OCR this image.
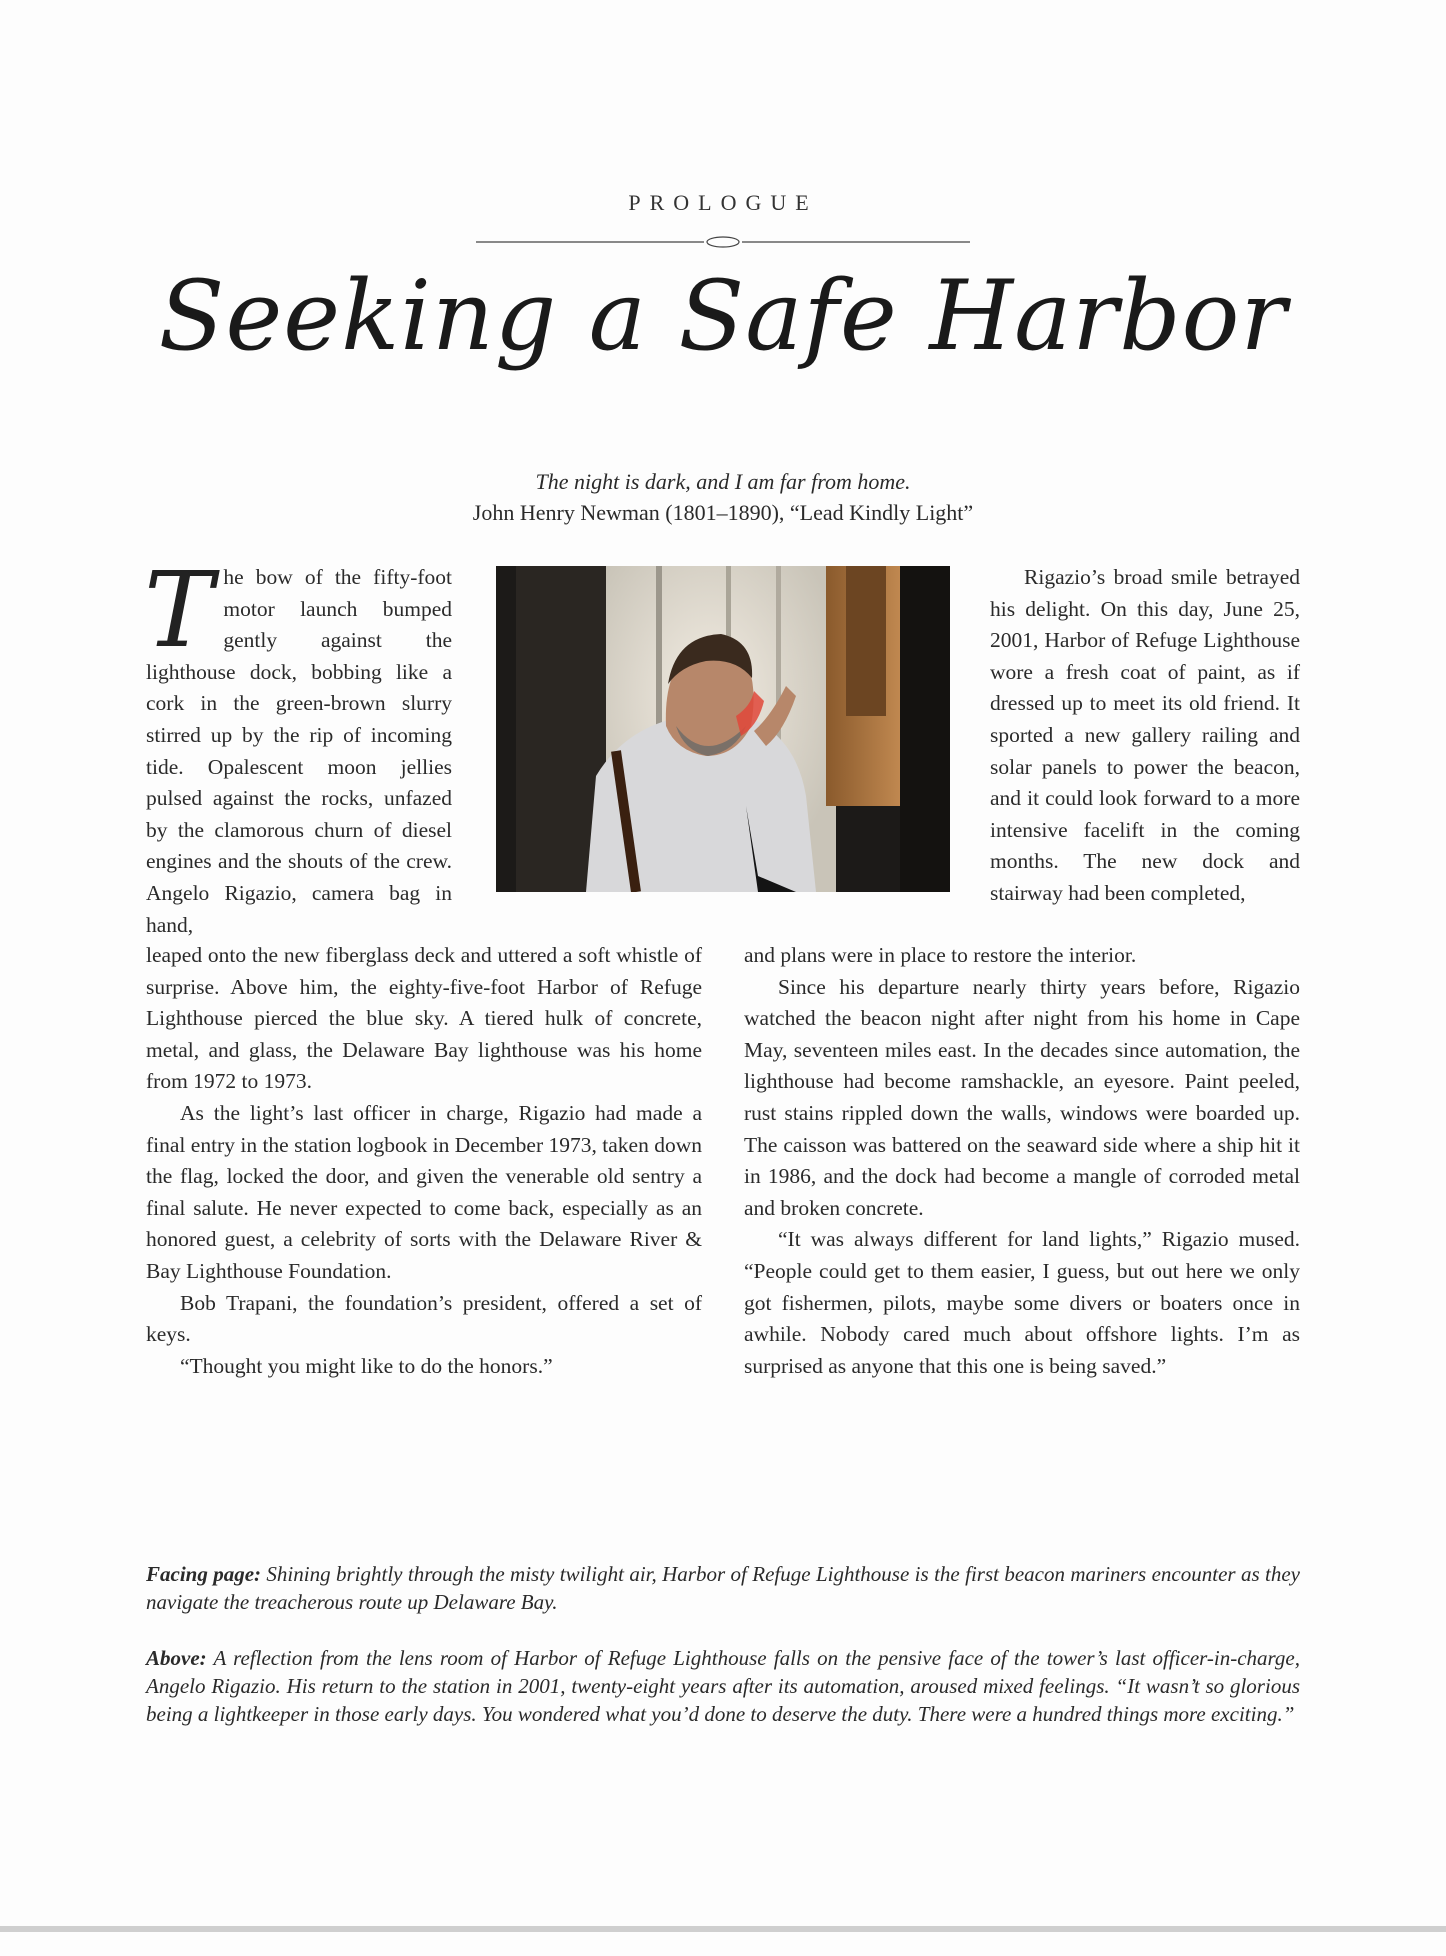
PROLOGUE
Seeking a Safe Harbor
The night is dark, and I am far from home.
John Henry Newman (1801–1890), “Lead Kindly Light”

The bow of the fifty-foot motor launch bumped gently against the lighthouse dock, bobbing like a cork in the green-brown slurry stirred up by the rip of incoming tide. Opalescent moon jellies pulsed against the rocks, unfazed by the clamorous churn of diesel engines and the shouts of the crew. Angelo Rigazio, camera bag in hand,

Rigazio’s broad smile betrayed his delight. On this day, June 25, 2001, Harbor of Refuge Lighthouse wore a fresh coat of paint, as if dressed up to meet its old friend. It sported a new gallery railing and solar panels to power the beacon, and it could look forward to a more intensive facelift in the coming months. The new dock and stairway had been completed,

leaped onto the new fiberglass deck and uttered a soft whistle of surprise. Above him, the eighty-five-foot Harbor of Refuge Lighthouse pierced the blue sky. A tiered hulk of concrete, metal, and glass, the Delaware Bay lighthouse was his home from 1972 to 1973.

As the light’s last officer in charge, Rigazio had made a final entry in the station logbook in December 1973, taken down the flag, locked the door, and given the venerable old sentry a final salute. He never expected to come back, especially as an honored guest, a celebrity of sorts with the Delaware River & Bay Lighthouse Foundation.

Bob Trapani, the foundation’s president, offered a set of keys.

“Thought you might like to do the honors.”

and plans were in place to restore the interior.

Since his departure nearly thirty years before, Rigazio watched the beacon night after night from his home in Cape May, seventeen miles east. In the decades since automation, the lighthouse had become ramshackle, an eyesore. Paint peeled, rust stains rippled down the walls, windows were boarded up. The caisson was battered on the seaward side where a ship hit it in 1986, and the dock had become a mangle of corroded metal and broken concrete.

“It was always different for land lights,” Rigazio mused. “People could get to them easier, I guess, but out here we only got fishermen, pilots, maybe some divers or boaters once in awhile. Nobody cared much about offshore lights. I’m as surprised as anyone that this one is being saved.”

Facing page: Shining brightly through the misty twilight air, Harbor of Refuge Lighthouse is the first beacon mariners encounter as they navigate the treacherous route up Delaware Bay.

Above: A reflection from the lens room of Harbor of Refuge Lighthouse falls on the pensive face of the tower’s last officer-in-charge, Angelo Rigazio. His return to the station in 2001, twenty-eight years after its automation, aroused mixed feelings. “It wasn’t so glorious being a lightkeeper in those early days. You wondered what you’d done to deserve the duty. There were a hundred things more exciting.”
